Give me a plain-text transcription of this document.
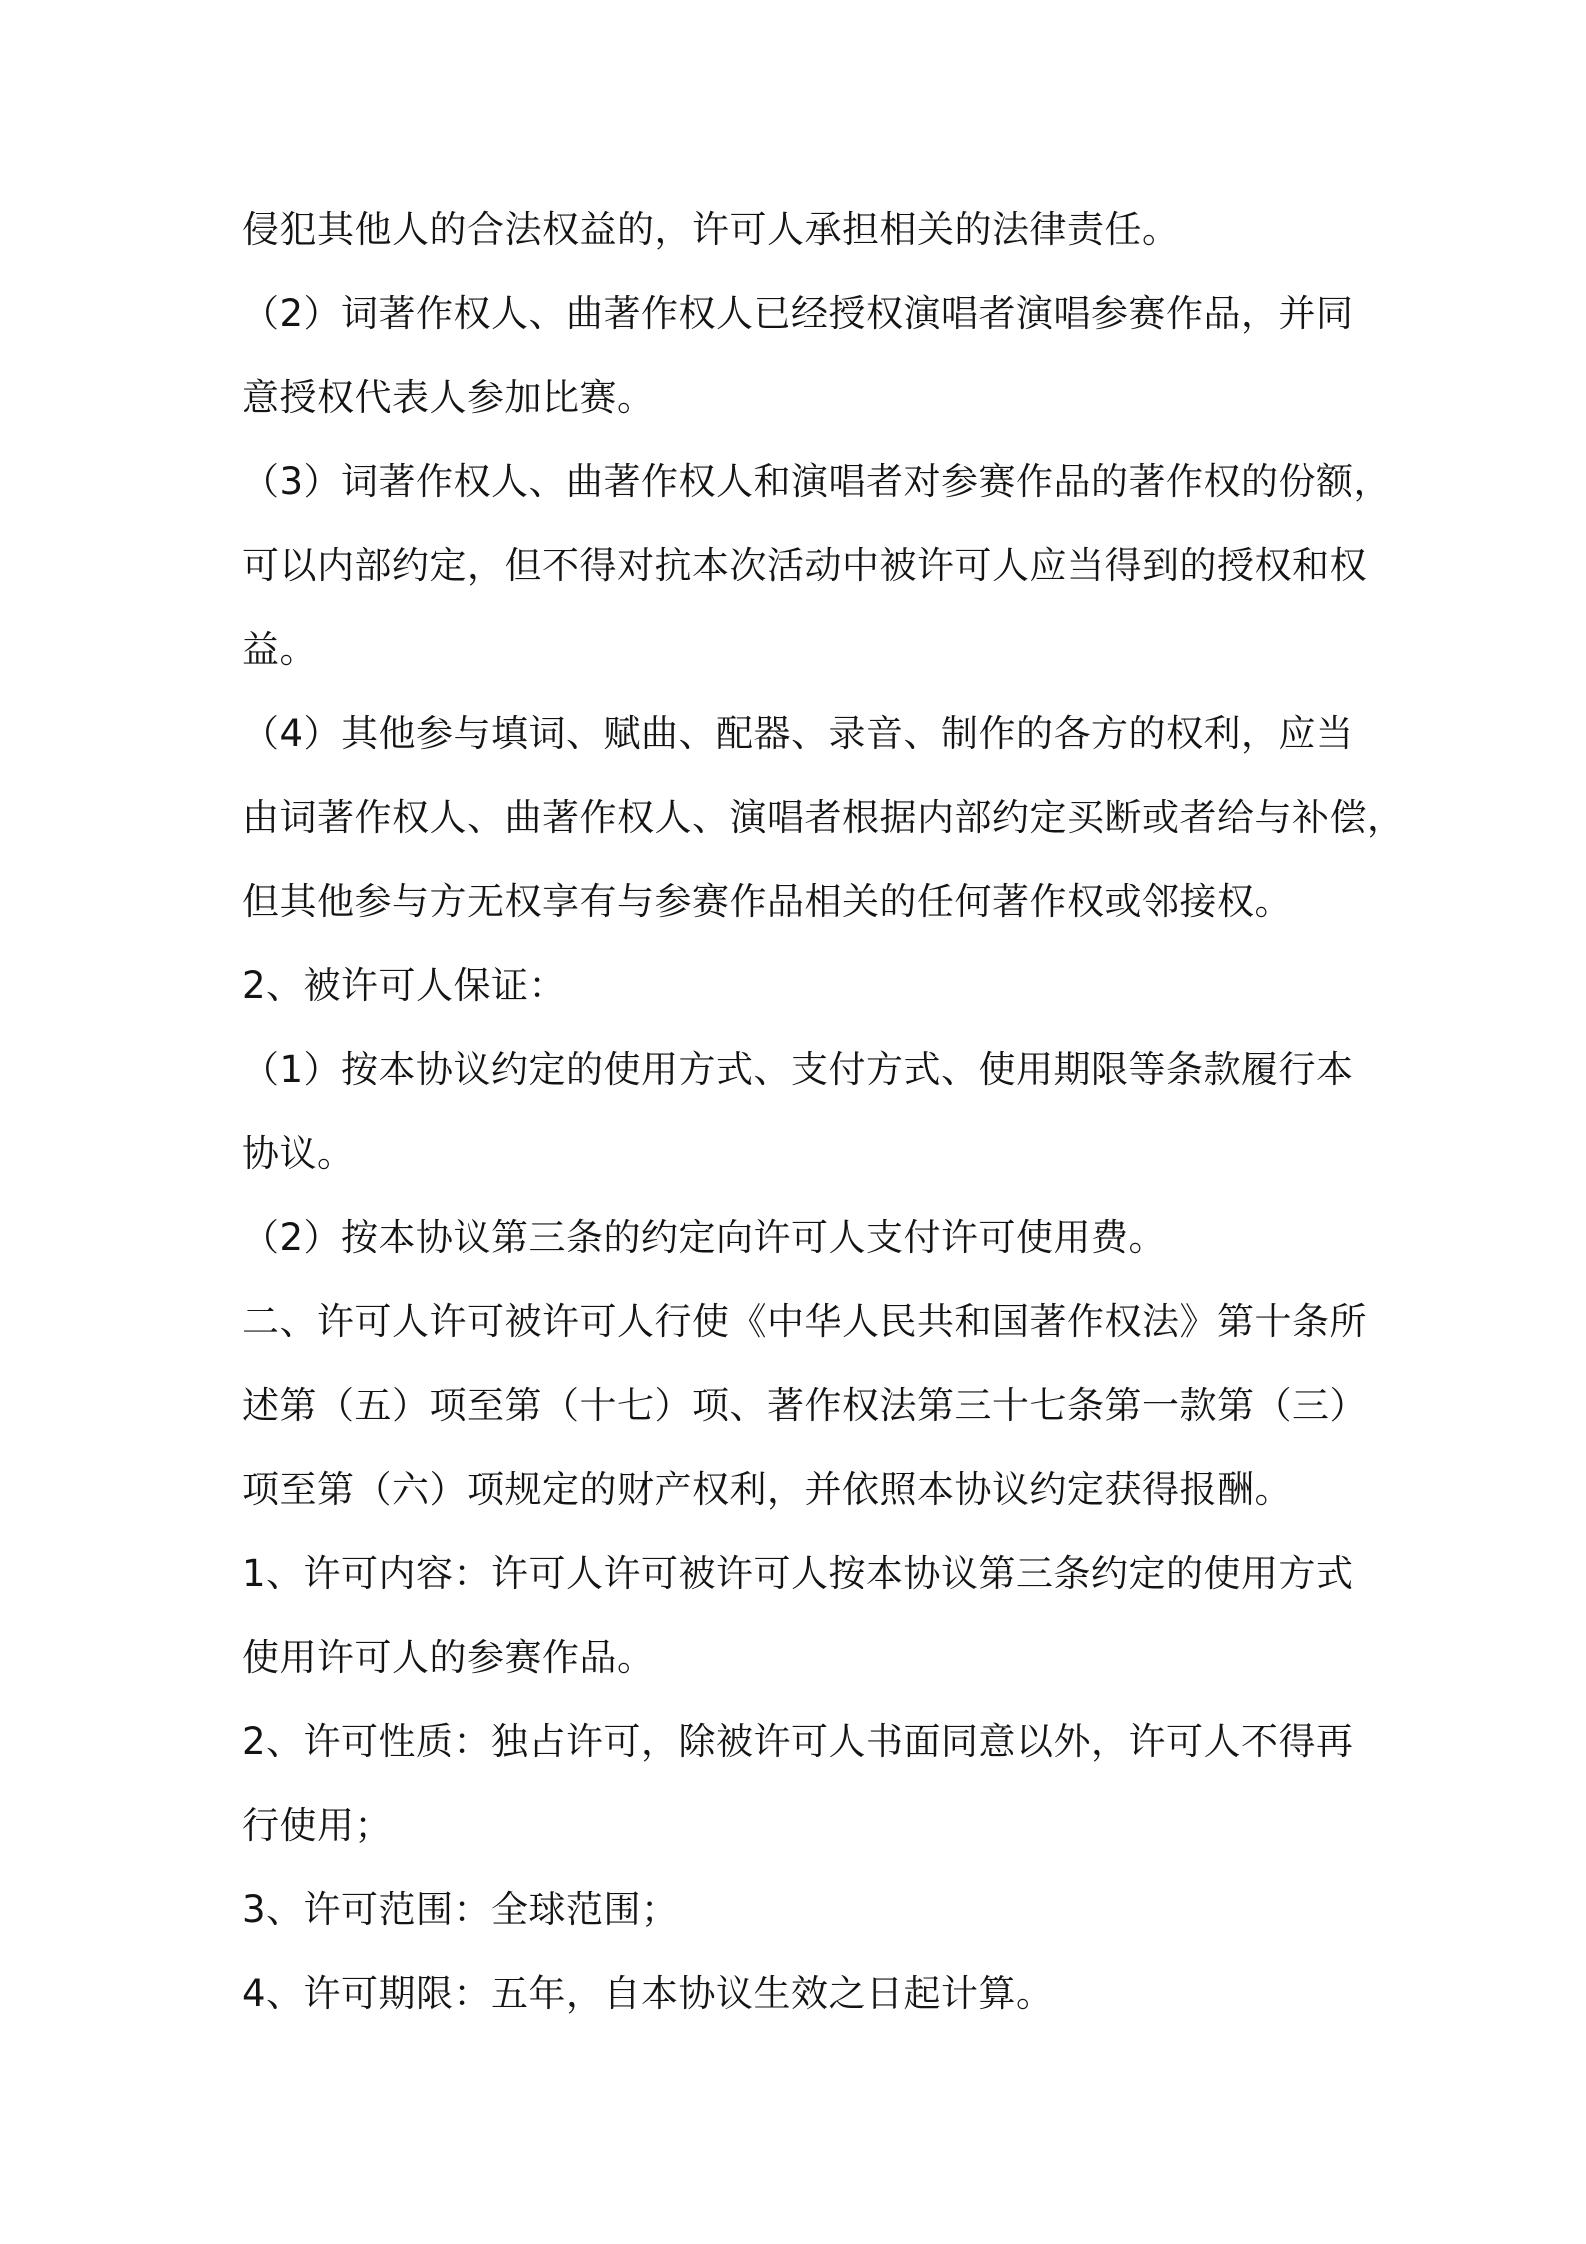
侵犯其他人的合法权益的，许可人承担相关的法律责任。
（2）词著作权人、曲著作权人已经授权演唱者演唱参赛作品，并同
意授权代表人参加比赛。
（3）词著作权人、曲著作权人和演唱者对参赛作品的著作权的份额，
可以内部约定，但不得对抗本次活动中被许可人应当得到的授权和权
益。
（4）其他参与填词、赋曲、配器、录音、制作的各方的权利，应当
由词著作权人、曲著作权人、演唱者根据内部约定买断或者给与补偿，
但其他参与方无权享有与参赛作品相关的任何著作权或邻接权。
2、被许可人保证：
（1）按本协议约定的使用方式、支付方式、使用期限等条款履行本
协议。
（2）按本协议第三条的约定向许可人支付许可使用费。
二、许可人许可被许可人行使《中华人民共和国著作权法》第十条所
述第（五）项至第（十七）项、著作权法第三十七条第一款第（三）
项至第（六）项规定的财产权利，并依照本协议约定获得报酬。
1、许可内容：许可人许可被许可人按本协议第三条约定的使用方式
使用许可人的参赛作品。
2、许可性质：独占许可，除被许可人书面同意以外，许可人不得再
行使用；
3、许可范围：全球范围；
4、许可期限：五年，自本协议生效之日起计算。
